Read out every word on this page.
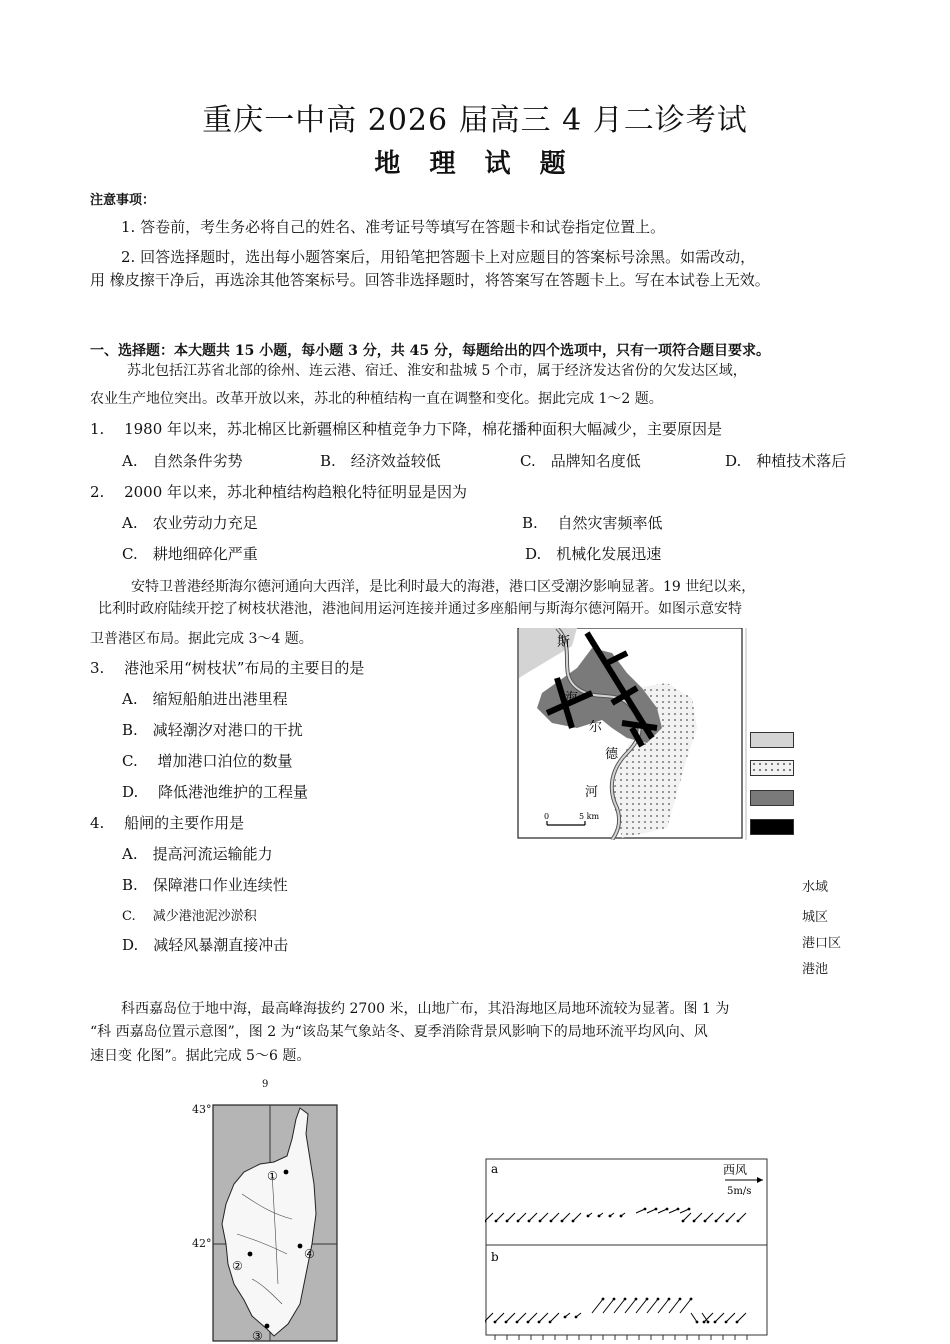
重庆一中高 2026 届高三 4 月二诊考试
地 理 试 题
注意事项：
1. 答卷前，考生务必将自己的姓名、准考证号等填写在答题卡和试卷指定位置上。
2. 回答选择题时，选出每小题答案后，用铅笔把答题卡上对应题目的答案标号涂黑。如需改动，
用 橡皮擦干净后，再选涂其他答案标号。回答非选择题时，将答案写在答题卡上。写在本试卷上无效。
一、选择题：本大题共 15 小题，每小题 3 分，共 45 分，每题给出的四个选项中，只有一项符合题目要求。
苏北包括江苏省北部的徐州、连云港、宿迁、淮安和盐城 5 个市，属于经济发达省份的欠发达区域，
农业生产地位突出。改革开放以来，苏北的种植结构一直在调整和变化。据此完成 1～2 题。
1.　 1980 年以来，苏北棉区比新疆棉区种植竞争力下降，棉花播种面积大幅减少，主要原因是
A.　自然条件劣势	B.　经济效益较低	C.　品牌知名度低	D.　种植技术落后
2.　 2000 年以来，苏北种植结构趋粮化特征明显是因为
A.　农业劳动力充足	B.　 自然灾害频率低
C.　耕地细碎化严重	D.　机械化发展迅速
安特卫普港经斯海尔德河通向大西洋，是比利时最大的海港，港口区受潮汐影响显著。19 世纪以来，
比利时政府陆续开挖了树枝状港池，港池间用运河连接并通过多座船闸与斯海尔德河隔开。如图示意安特
卫普港区布局。据此完成 3～4 题。
3.　 港池采用“树枝状”布局的主要目的是
A.　缩短船舶进出港里程
B.　减轻潮汐对港口的干扰
C.　 增加港口泊位的数量
D.　 降低港池维护的工程量
4.　 船闸的主要作用是
A.　提高河流运输能力
B.　保障港口作业连续性
C.　 减少港池泥沙淤积
D.　减轻风暴潮直接冲击
斯
海
尔
德
河
0	5 km
水域
城区
港口区
港池
科西嘉岛位于地中海，最高峰海拔约 2700 米，山地广布，其沿海地区局地环流较为显著。图 1 为
“科 西嘉岛位置示意图”，图 2 为“该岛某气象站冬、夏季消除背景风影响下的局地环流平均风向、风
速日变 化图”。据此完成 5～6 题。
9
43°
42°
①
②
④
③
a
b
西风
5m/s
